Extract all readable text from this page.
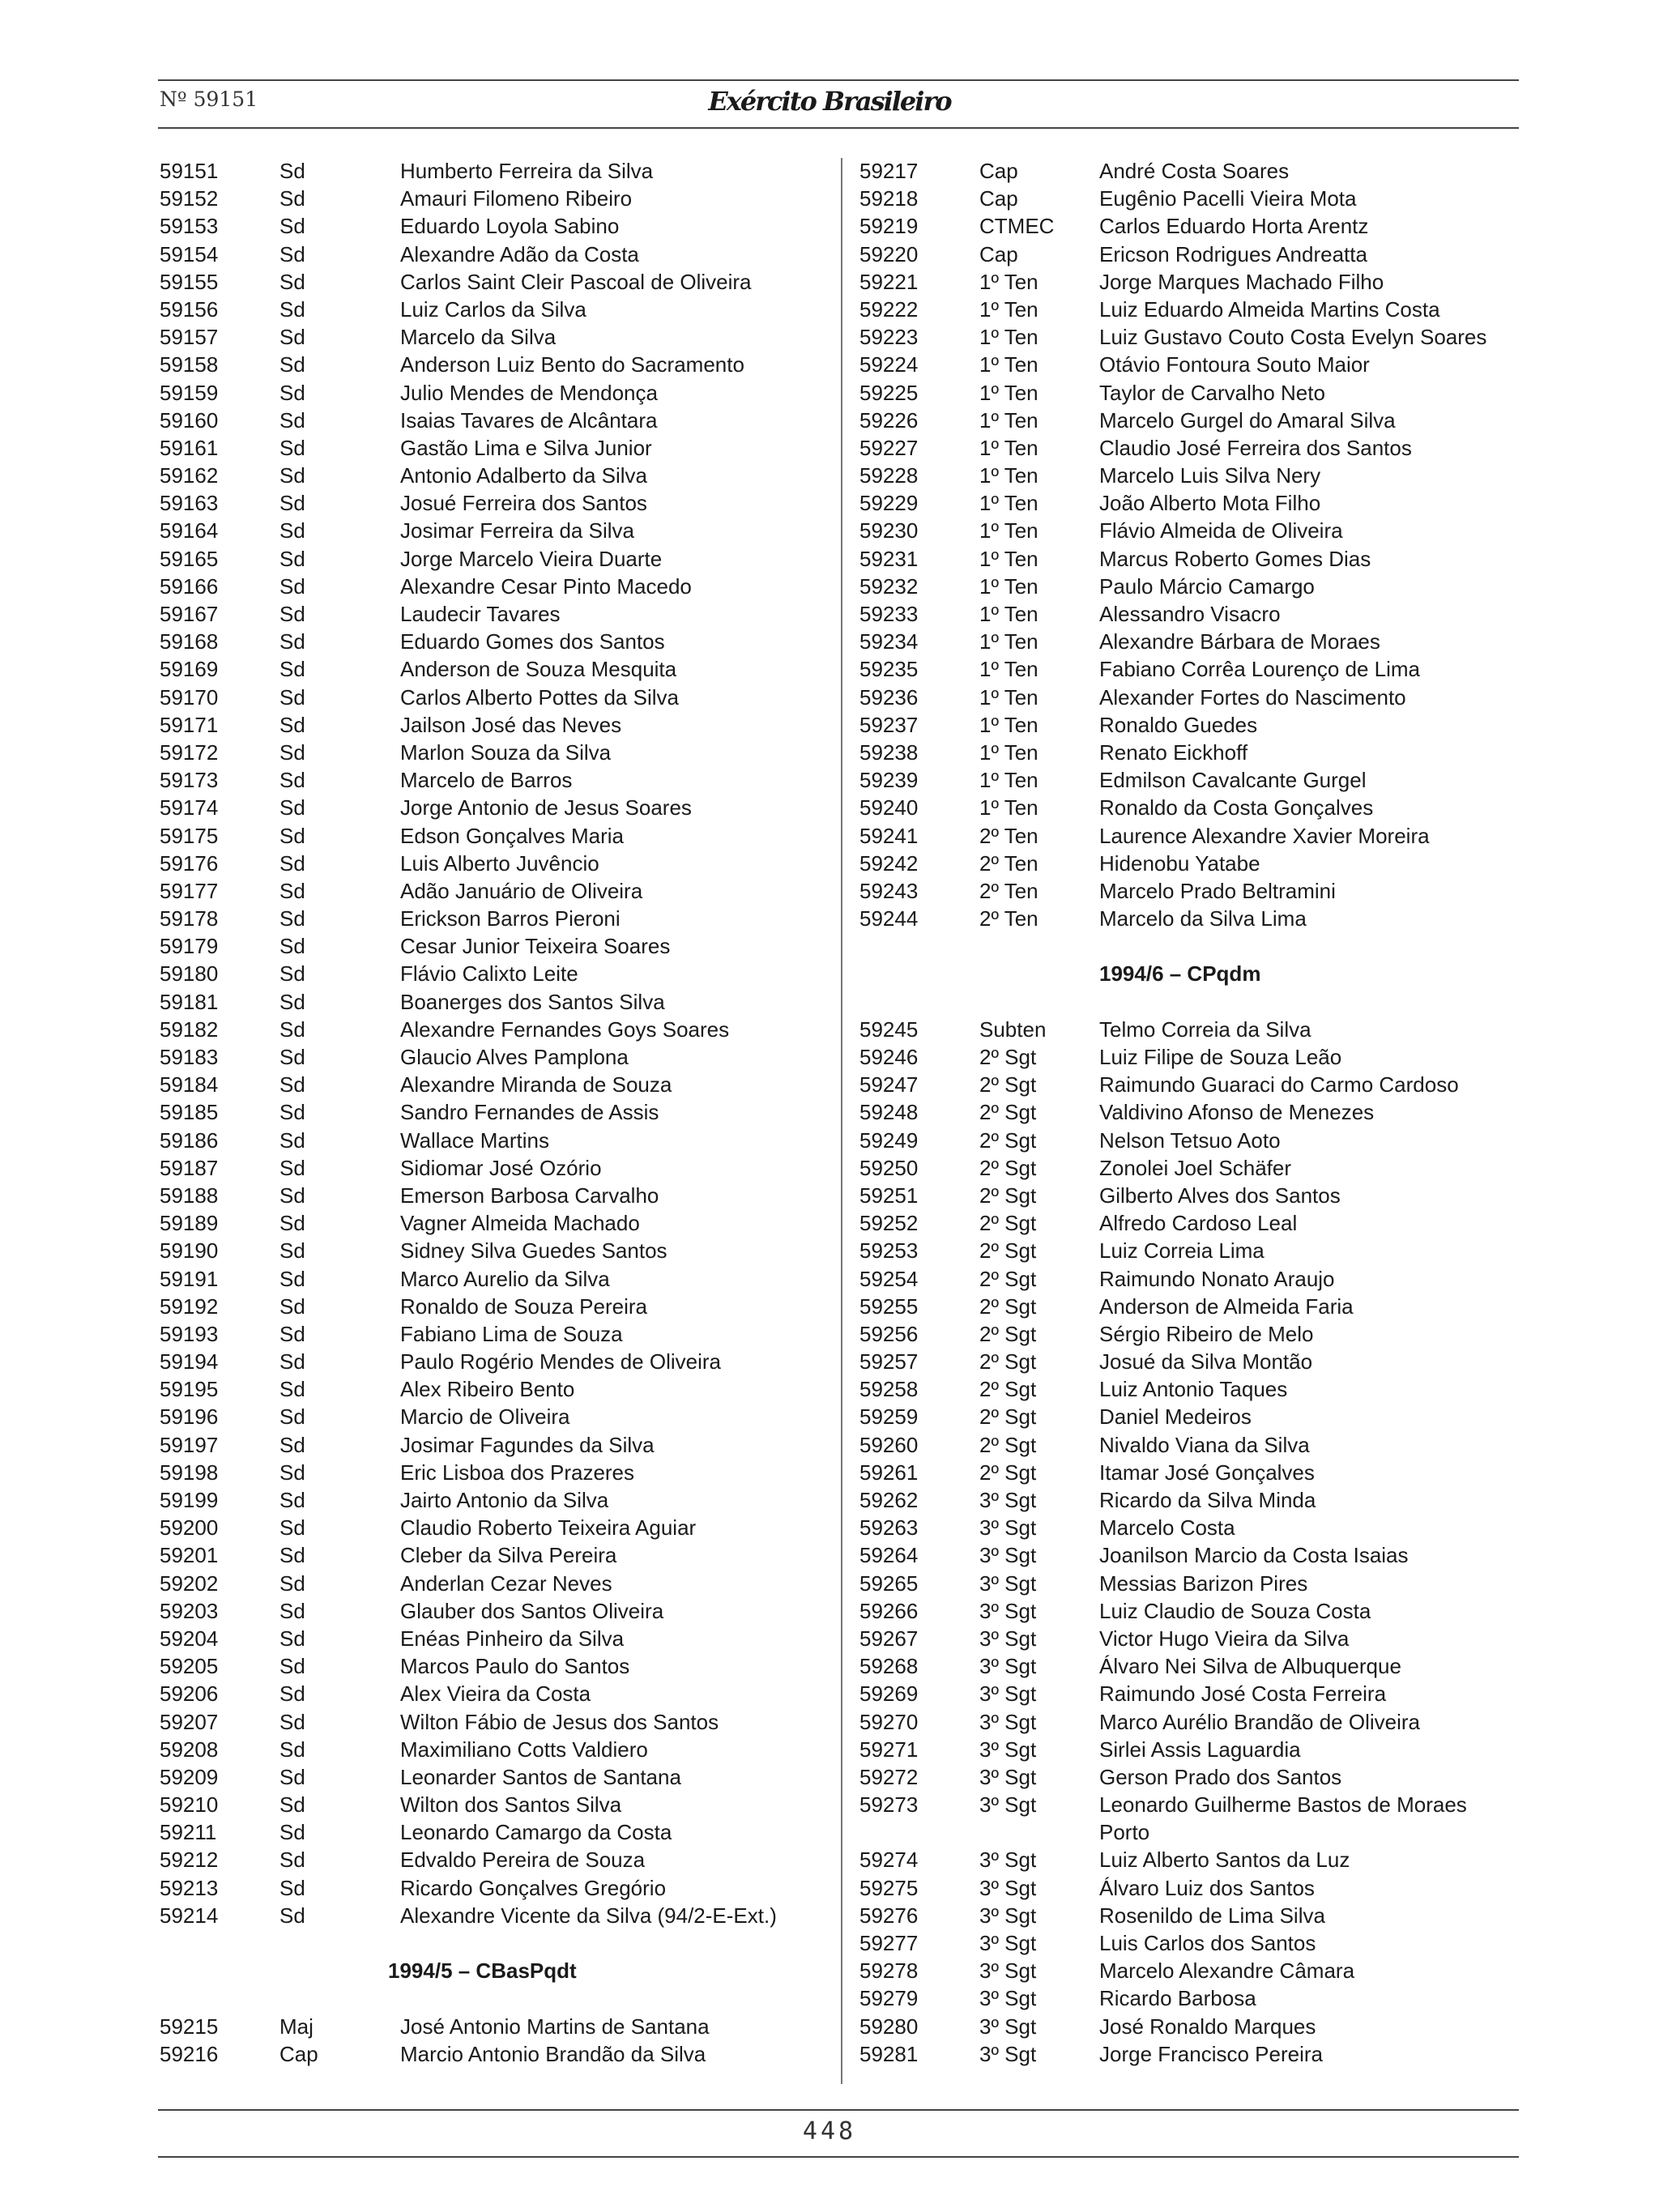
Nº 59151	Exército Brasileiro
59151	Sd	Humberto Ferreira da Silva
59152	Sd	Amauri Filomeno Ribeiro
59153	Sd	Eduardo Loyola Sabino
59154	Sd	Alexandre Adão da Costa
59155	Sd	Carlos Saint Cleir Pascoal de Oliveira
59156	Sd	Luiz Carlos da Silva
59157	Sd	Marcelo da Silva
59158	Sd	Anderson Luiz Bento do Sacramento
59159	Sd	Julio Mendes de Mendonça
59160	Sd	Isaias Tavares de Alcântara
59161	Sd	Gastão Lima e Silva Junior
59162	Sd	Antonio Adalberto da Silva
59163	Sd	Josué Ferreira dos Santos
59164	Sd	Josimar Ferreira da Silva
59165	Sd	Jorge Marcelo Vieira Duarte
59166	Sd	Alexandre Cesar Pinto Macedo
59167	Sd	Laudecir Tavares
59168	Sd	Eduardo Gomes dos Santos
59169	Sd	Anderson de Souza Mesquita
59170	Sd	Carlos Alberto Pottes da Silva
59171	Sd	Jailson José das Neves
59172	Sd	Marlon Souza da Silva
59173	Sd	Marcelo de Barros
59174	Sd	Jorge Antonio de Jesus Soares
59175	Sd	Edson Gonçalves Maria
59176	Sd	Luis Alberto Juvêncio
59177	Sd	Adão Januário de Oliveira
59178	Sd	Erickson Barros Pieroni
59179	Sd	Cesar Junior Teixeira Soares
59180	Sd	Flávio Calixto Leite
59181	Sd	Boanerges dos Santos Silva
59182	Sd	Alexandre Fernandes Goys Soares
59183	Sd	Glaucio Alves Pamplona
59184	Sd	Alexandre Miranda de Souza
59185	Sd	Sandro Fernandes de Assis
59186	Sd	Wallace Martins
59187	Sd	Sidiomar José Ozório
59188	Sd	Emerson Barbosa Carvalho
59189	Sd	Vagner Almeida Machado
59190	Sd	Sidney Silva Guedes Santos
59191	Sd	Marco Aurelio da Silva
59192	Sd	Ronaldo de Souza Pereira
59193	Sd	Fabiano Lima de Souza
59194	Sd	Paulo Rogério Mendes de Oliveira
59195	Sd	Alex Ribeiro Bento
59196	Sd	Marcio de Oliveira
59197	Sd	Josimar Fagundes da Silva
59198	Sd	Eric Lisboa dos Prazeres
59199	Sd	Jairto Antonio da Silva
59200	Sd	Claudio Roberto Teixeira Aguiar
59201	Sd	Cleber da Silva Pereira
59202	Sd	Anderlan Cezar Neves
59203	Sd	Glauber dos Santos Oliveira
59204	Sd	Enéas Pinheiro da Silva
59205	Sd	Marcos Paulo do Santos
59206	Sd	Alex Vieira da Costa
59207	Sd	Wilton Fábio de Jesus dos Santos
59208	Sd	Maximiliano Cotts Valdiero
59209	Sd	Leonarder Santos de Santana
59210	Sd	Wilton dos Santos Silva
59211	Sd	Leonardo Camargo da Costa
59212	Sd	Edvaldo Pereira de Souza
59213	Sd	Ricardo Gonçalves Gregório
59214	Sd	Alexandre Vicente da Silva (94/2-E-Ext.)
1994/5 – CBasPqdt
59215	Maj	José Antonio Martins de Santana
59216	Cap	Marcio Antonio Brandão da Silva
59217	Cap	André Costa Soares
59218	Cap	Eugênio Pacelli Vieira Mota
59219	CTMEC Carlos Eduardo Horta Arentz
59220	Cap	Ericson Rodrigues Andreatta
59221	1º Ten	Jorge Marques Machado Filho
59222	1º Ten	Luiz Eduardo Almeida Martins Costa
59223	1º Ten	Luiz Gustavo Couto Costa Evelyn Soares
59224	1º Ten	Otávio Fontoura Souto Maior
59225	1º Ten	Taylor de Carvalho Neto
59226	1º Ten	Marcelo Gurgel do Amaral Silva
59227	1º Ten	Claudio José Ferreira dos Santos
59228	1º Ten	Marcelo Luis Silva Nery
59229	1º Ten	João Alberto Mota Filho
59230	1º Ten	Flávio Almeida de Oliveira
59231	1º Ten	Marcus Roberto Gomes Dias
59232	1º Ten	Paulo Márcio Camargo
59233	1º Ten	Alessandro Visacro
59234	1º Ten	Alexandre Bárbara de Moraes
59235	1º Ten	Fabiano Corrêa Lourenço de Lima
59236	1º Ten	Alexander Fortes do Nascimento
59237	1º Ten	Ronaldo Guedes
59238	1º Ten	Renato Eickhoff
59239	1º Ten	Edmilson Cavalcante Gurgel
59240	1º Ten	Ronaldo da Costa Gonçalves
59241	2º Ten	Laurence Alexandre Xavier Moreira
59242	2º Ten	Hidenobu Yatabe
59243	2º Ten	Marcelo Prado Beltramini
59244	2º Ten	Marcelo da Silva Lima
1994/6 – CPqdm
59245	Subten	Telmo Correia da Silva
59246	2º Sgt	Luiz Filipe de Souza Leão
59247	2º Sgt	Raimundo Guaraci do Carmo Cardoso
59248	2º Sgt	Valdivino Afonso de Menezes
59249	2º Sgt	Nelson Tetsuo Aoto
59250	2º Sgt	Zonolei Joel Schäfer
59251	2º Sgt	Gilberto Alves dos Santos
59252	2º Sgt	Alfredo Cardoso Leal
59253	2º Sgt	Luiz Correia Lima
59254	2º Sgt	Raimundo Nonato Araujo
59255	2º Sgt	Anderson de Almeida Faria
59256	2º Sgt	Sérgio Ribeiro de Melo
59257	2º Sgt	Josué da Silva Montão
59258	2º Sgt	Luiz Antonio Taques
59259	2º Sgt	Daniel Medeiros
59260	2º Sgt	Nivaldo Viana da Silva
59261	2º Sgt	Itamar José Gonçalves
59262	3º Sgt	Ricardo da Silva Minda
59263	3º Sgt	Marcelo Costa
59264	3º Sgt	Joanilson Marcio da Costa Isaias
59265	3º Sgt	Messias Barizon Pires
59266	3º Sgt	Luiz Claudio de Souza Costa
59267	3º Sgt	Victor Hugo Vieira da Silva
59268	3º Sgt	Álvaro Nei Silva de Albuquerque
59269	3º Sgt	Raimundo José Costa Ferreira
59270	3º Sgt	Marco Aurélio Brandão de Oliveira
59271	3º Sgt	Sirlei Assis Laguardia
59272	3º Sgt	Gerson Prado dos Santos
59273	3º Sgt	Leonardo Guilherme Bastos de Moraes
Porto
59274	3º Sgt	Luiz Alberto Santos da Luz
59275	3º Sgt	Álvaro Luiz dos Santos
59276	3º Sgt	Rosenildo de Lima Silva
59277	3º Sgt	Luis Carlos dos Santos
59278	3º Sgt	Marcelo Alexandre Câmara
59279	3º Sgt	Ricardo Barbosa
59280	3º Sgt	José Ronaldo Marques
59281	3º Sgt	Jorge Francisco Pereira
448
